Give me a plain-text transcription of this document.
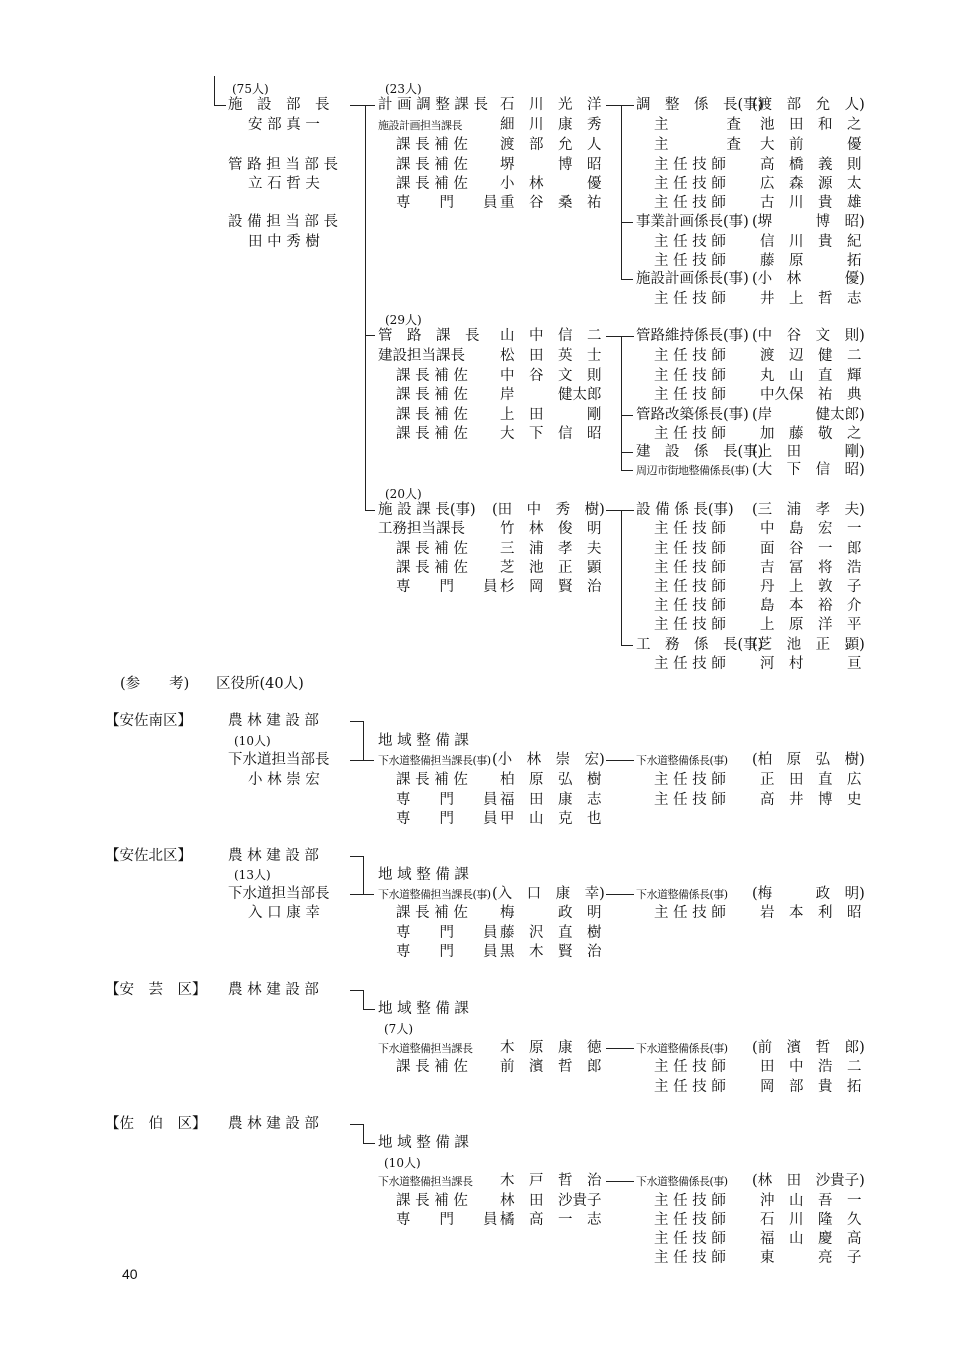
(75人)
施　設　部　長
安 部 真 一
管 路 担 当 部 長
立 石 哲 夫
設 備 担 当 部 長
田 中 秀 樹
(23人)
計 画 調 整 課 長 石　川　光　洋
施設計画担当課長	細　川　康　秀
課 長 補 佐 渡　部　允　人
課 長 補 佐 堺　　　博　昭
課 長 補 佐 小　林　　　優
専　　門　　員 重　谷　桑　祐
調　整　係　長(事)
(渡　部　允　人)
主　　　　査 池　田　和　之
主　　　　査 大　前　　　優
主 任 技 師 高　橋　義　則
主 任 技 師 広　森　源　太
主 任 技 師 古　川　貴　雄
事業計画係長(事) (堺　　　博　昭)
主 任 技 師 信　川　貴　紀
主 任 技 師 藤　原　　　拓
施設計画係長(事) (小　林　　　優)
主 任 技 師 井　上　哲　志
(29人)
管　路　課　長 山　中　信　二
建設担当課長 松　田　英　士
課 長 補 佐 中　谷　文　則
課 長 補 佐 岸　　　健太郎
課 長 補 佐 上　田　　　剛
課 長 補 佐 大　下　信　昭
管路維持係長(事) (中　谷　文　則)
主 任 技 師 渡　辺　健　二
主 任 技 師 丸　山　直　輝
主 任 技 師 中久保　祐　典
管路改築係長(事) (岸　　　健太郎)
主 任 技 師 加　藤　敬　之
建　設　係　長(事)
(上　田　　　剛)
周辺市街地整備係長(事) (大　下　信　昭)
(20人)
施 設 課 長(事) (田　中　秀　樹)
工務担当課長 竹　林　俊　明
課 長 補 佐 三　浦　孝　夫
課 長 補 佐 芝　池　正　顕
専　　門　　員 杉　岡　賢　治
設 備 係 長(事) (三　浦　孝　夫)
主 任 技 師 中　島　宏　一
主 任 技 師 面　谷　一　郎
主 任 技 師 吉　冨　将　浩
主 任 技 師 丹　上　敦　子
主 任 技 師 島　本　裕　介
主 任 技 師 上　原　洋　平
工　務　係　長(事)
(芝　池　正　顕)
主 任 技 師 河　村　　　亘
(参　　考) 区役所(40人)
【安佐南区】 農 林 建 設 部
(10人)
下水道担当部長
小 林 崇 宏
地 域 整 備 課
下水道整備担当課長(事) (小　林　崇　宏)
課 長 補 佐 柏　原　弘　樹
専　　門　　員 福　田　康　志
専　　門　　員 甲　山　克　也
下水道整備係長(事) (柏　原　弘　樹)
主 任 技 師 正　田　直　広
主 任 技 師 高　井　博　史
【安佐北区】 農 林 建 設 部
(13人)
下水道担当部長
入 口 康 幸
地 域 整 備 課
下水道整備担当課長(事) (入　口　康　幸)
課 長 補 佐 梅　　　政　明
専　　門　　員 藤　沢　直　樹
専　　門　　員 黒　木　賢　治
下水道整備係長(事) (梅　　　政　明)
主 任 技 師 岩　本　利　昭
【安　芸　区】 農 林 建 設 部
地 域 整 備 課
(7人)
下水道整備担当課長 木　原　康　徳
課 長 補 佐 前　濱　哲　郎
下水道整備係長(事) (前　濱　哲　郎)
主 任 技 師 田　中　浩　二
主 任 技 師 岡　部　貴　拓
【佐　伯　区】 農 林 建 設 部
地 域 整 備 課
(10人)
下水道整備担当課長 木　戸　哲　治
課 長 補 佐 林　田　沙貴子
専　　門　　員 橘　高　一　志
下水道整備係長(事) (林　田　沙貴子)
主 任 技 師 沖　山　吾　一
主 任 技 師 石　川　隆　久
主 任 技 師 福　山　慶　高
主 任 技 師 東　　　亮　子
40
